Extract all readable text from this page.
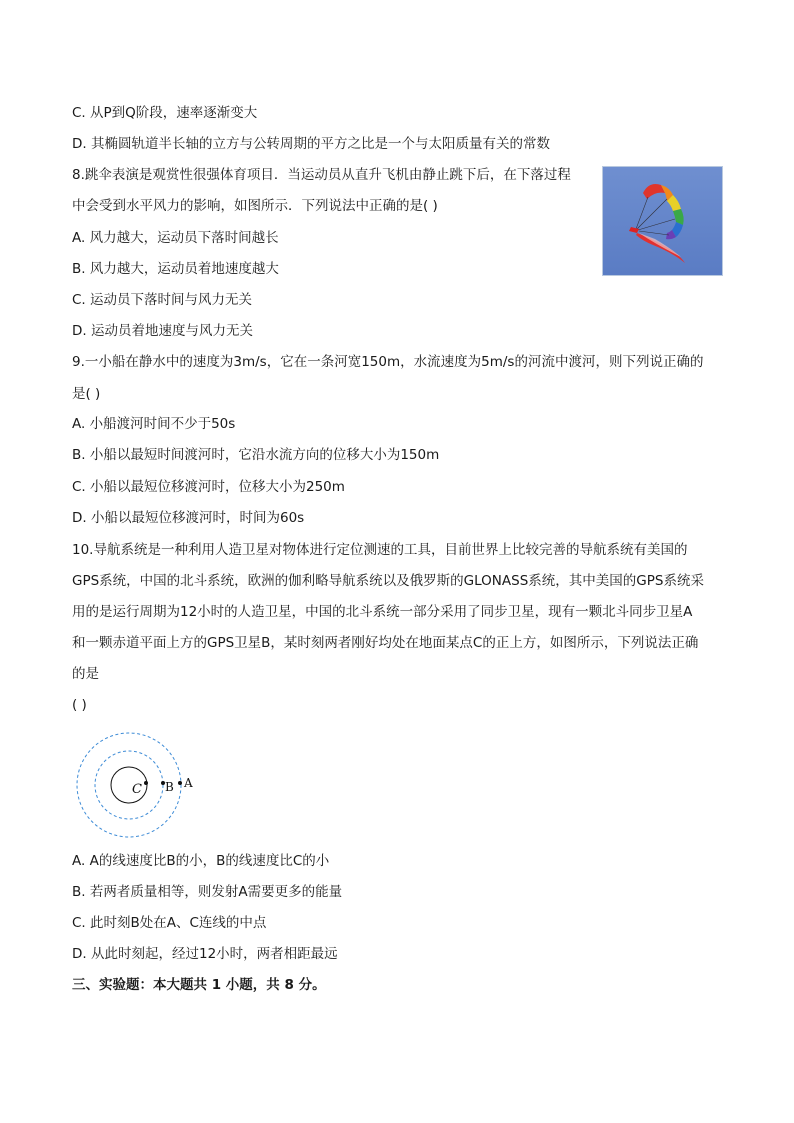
C. 从P到Q阶段，速率逐渐变大
D. 其椭圆轨道半长轴的立方与公转周期的平方之比是一个与太阳质量有关的常数
8.跳伞表演是观赏性很强体育项目．当运动员从直升飞机由静止跳下后，在下落过程
中会受到水平风力的影响，如图所示．下列说法中正确的是( )
A. 风力越大，运动员下落时间越长
B. 风力越大，运动员着地速度越大
C. 运动员下落时间与风力无关
D. 运动员着地速度与风力无关
9.一小船在静水中的速度为3m/s，它在一条河宽150m，水流速度为5m/s的河流中渡河，则下列说正确的
是( )
A. 小船渡河时间不少于50s
B. 小船以最短时间渡河时，它沿水流方向的位移大小为150m
C. 小船以最短位移渡河时，位移大小为250m
D. 小船以最短位移渡河时，时间为60s
10.导航系统是一种利用人造卫星对物体进行定位测速的工具，目前世界上比较完善的导航系统有美国的
GPS系统，中国的北斗系统，欧洲的伽利略导航系统以及俄罗斯的GLONASS系统，其中美国的GPS系统采
用的是运行周期为12小时的人造卫星，中国的北斗系统一部分采用了同步卫星，现有一颗北斗同步卫星A
和一颗赤道平面上方的GPS卫星B，某时刻两者刚好均处在地面某点C的正上方，如图所示，下列说法正确
的是
( )
C B A
A. A的线速度比B的小，B的线速度比C的小
B. 若两者质量相等，则发射A需要更多的能量
C. 此时刻B处在A、C连线的中点
D. 从此时刻起，经过12小时，两者相距最远
三、实验题：本大题共 1 小题，共 8 分。
